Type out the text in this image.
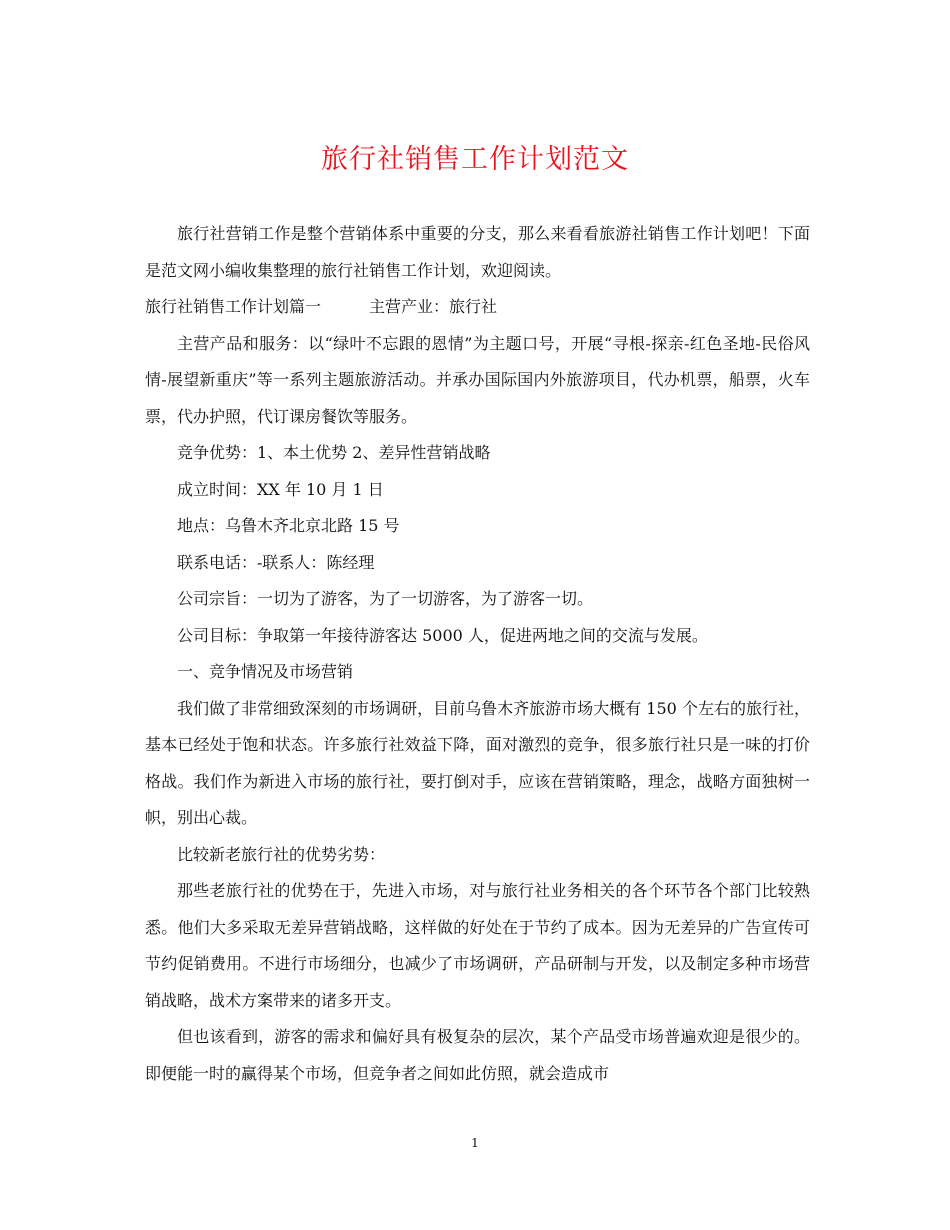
旅行社销售工作计划范文

旅行社营销工作是整个营销体系中重要的分支，那么来看看旅游社销售工作计划吧！下面是范文网小编收集整理的旅行社销售工作计划，欢迎阅读。

旅行社销售工作计划篇一	主营产业：旅行社

主营产品和服务：以“绿叶不忘跟的恩情”为主题口号，开展“寻根-探亲-红色圣地-民俗风情-展望新重庆”等一系列主题旅游活动。并承办国际国内外旅游项目，代办机票，船票，火车票，代办护照，代订课房餐饮等服务。

竞争优势：1、本土优势 2、差异性营销战略

成立时间：XX 年 10 月 1 日

地点：乌鲁木齐北京北路 15 号

联系电话：-联系人：陈经理

公司宗旨：一切为了游客，为了一切游客，为了游客一切。

公司目标：争取第一年接待游客达 5000 人，促进两地之间的交流与发展。

一、竞争情况及市场营销

我们做了非常细致深刻的市场调研，目前乌鲁木齐旅游市场大概有 150 个左右的旅行社，基本已经处于饱和状态。许多旅行社效益下降，面对激烈的竞争，很多旅行社只是一味的打价格战。我们作为新进入市场的旅行社，要打倒对手，应该在营销策略，理念，战略方面独树一帜，别出心裁。

比较新老旅行社的优势劣势：

那些老旅行社的优势在于，先进入市场，对与旅行社业务相关的各个环节各个部门比较熟悉。他们大多采取无差异营销战略，这样做的好处在于节约了成本。因为无差异的广告宣传可节约促销费用。不进行市场细分，也减少了市场调研，产品研制与开发，以及制定多种市场营销战略，战术方案带来的诸多开支。

但也该看到，游客的需求和偏好具有极复杂的层次，某个产品受市场普遍欢迎是很少的。即便能一时的赢得某个市场，但竞争者之间如此仿照，就会造成市

1
